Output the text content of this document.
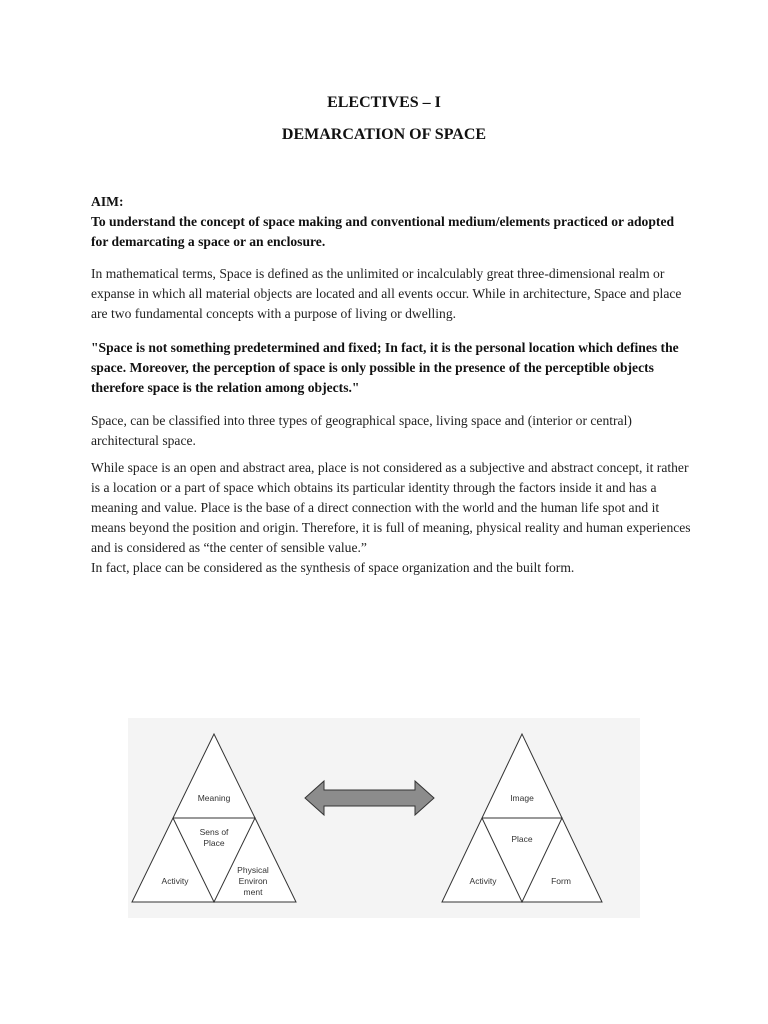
ELECTIVES – I
DEMARCATION OF SPACE

AIM:

To understand the concept of space making and conventional medium/elements practiced or adopted for demarcating a space or an enclosure.

In mathematical terms, Space is defined as the unlimited or incalculably great three-dimensional realm or expanse in which all material objects are located and all events occur. While in architecture, Space and place are two fundamental concepts with a purpose of living or dwelling.

"Space is not something predetermined and fixed; In fact, it is the personal location which defines the space. Moreover, the perception of space is only possible in the presence of the perceptible objects therefore space is the relation among objects."

Space, can be classified into three types of geographical space, living space and (interior or central) architectural space.

While space is an open and abstract area, place is not considered as a subjective and abstract concept, it rather is a location or a part of space which obtains its particular identity through the factors inside it and has a meaning and value. Place is the base of a direct connection with the world and the human life spot and it means beyond the position and origin. Therefore, it is full of meaning, physical reality and human experiences and is considered as “the center of sensible value.”

In fact, place can be considered as the synthesis of space organization and the built form.

Meaning
Sens of
Place
Activity
Physical
Environ
ment
Image
Place
Activity	Form
